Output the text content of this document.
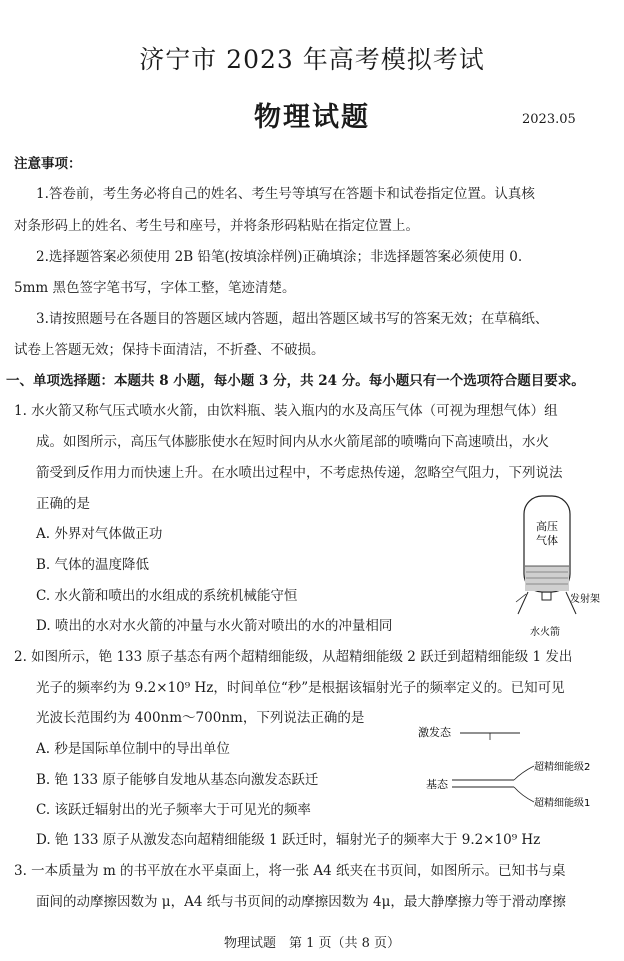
济宁市 2023 年高考模拟考试
物理试题	2023.05
注意事项：
1.答卷前，考生务必将自己的姓名、考生号等填写在答题卡和试卷指定位置。认真核
对条形码上的姓名、考生号和座号，并将条形码粘贴在指定位置上。
2.选择题答案必须使用 2B 铅笔(按填涂样例)正确填涂；非选择题答案必须使用 0.
5mm 黑色签字笔书写，字体工整，笔迹清楚。
3.请按照题号在各题目的答题区域内答题，超出答题区域书写的答案无效；在草稿纸、
试卷上答题无效；保持卡面清洁，不折叠、不破损。
一、单项选择题：本题共 8 小题，每小题 3 分，共 24 分。每小题只有一个选项符合题目要求。
1. 水火箭又称气压式喷水火箭，由饮料瓶、装入瓶内的水及高压气体（可视为理想气体）组
成。如图所示，高压气体膨胀使水在短时间内从水火箭尾部的喷嘴向下高速喷出，水火
箭受到反作用力而快速上升。在水喷出过程中，不考虑热传递，忽略空气阻力，下列说法
正确的是
A. 外界对气体做正功
B. 气体的温度降低
C. 水火箭和喷出的水组成的系统机械能守恒
D. 喷出的水对水火箭的冲量与水火箭对喷出的水的冲量相同
高压
气体
发射架
水火箭
2. 如图所示，铯 133 原子基态有两个超精细能级，从超精细能级 2 跃迁到超精细能级 1 发出
光子的频率约为 9.2×10⁹ Hz，时间单位“秒”是根据该辐射光子的频率定义的。已知可见
光波长范围约为 400nm～700nm，下列说法正确的是
A. 秒是国际单位制中的导出单位
B. 铯 133 原子能够自发地从基态向激发态跃迁
C. 该跃迁辐射出的光子频率大于可见光的频率
D. 铯 133 原子从激发态向超精细能级 1 跃迁时，辐射光子的频率大于 9.2×10⁹ Hz
激发态
基态
超精细能级2
超精细能级1
3. 一本质量为 m 的书平放在水平桌面上，将一张 A4 纸夹在书页间，如图所示。已知书与桌
面间的动摩擦因数为 μ，A4 纸与书页间的动摩擦因数为 4μ，最大静摩擦力等于滑动摩擦
物理试题　第 1 页（共 8 页）
